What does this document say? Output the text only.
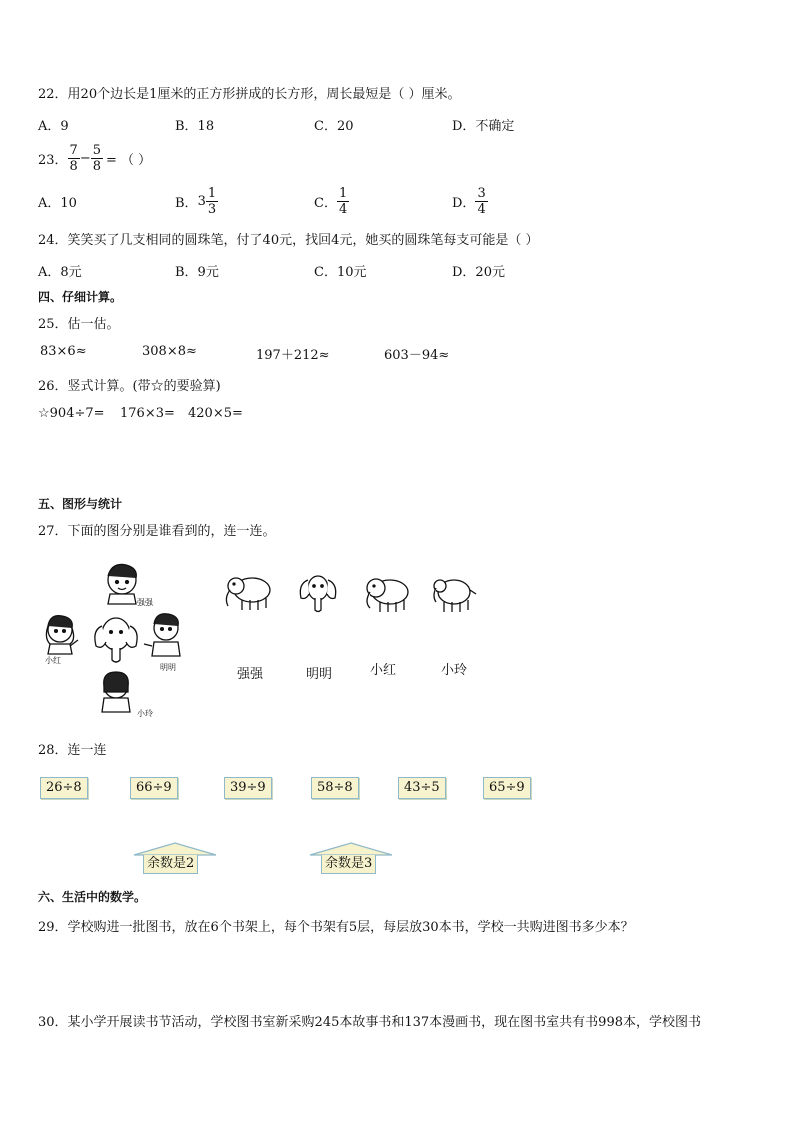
22．用20个边长是1厘米的正方形拼成的长方形，周长最短是（ ）厘米。
A．9	B．18	C．20	D．不确定
23． $\frac{7}{8} - \frac{5}{8}$ = （ ）
A．10	B． $3 \frac{1}{3}$	C． $\frac{1}{4}$	D． $\frac{3}{4}$
24．笑笑买了几支相同的圆珠笔，付了40元，找回4元，她买的圆珠笔每支可能是（ ）
A．8元	B．9元	C．10元	D．20元
四、仔细计算。
25．估一估。
83×6≈	308×8≈	197＋212≈	603－94≈
26．竖式计算。(带☆的要验算)
☆904÷7= 176×3= 420×5=
五、图形与统计
27．下面的图分别是谁看到的，连一连。
强强
小红
明明
小玲
强强	明明	小红	小玲
28．连一连
26÷8	66÷9	39÷9	58÷8	43÷5	65÷9
余数是2	余数是3
六、生活中的数学。
29．学校购进一批图书，放在6个书架上，每个书架有5层，每层放30本书，学校一共购进图书多少本？
30．某小学开展读书节活动，学校图书室新采购245本故事书和137本漫画书，现在图书室共有书998本，学校图书
